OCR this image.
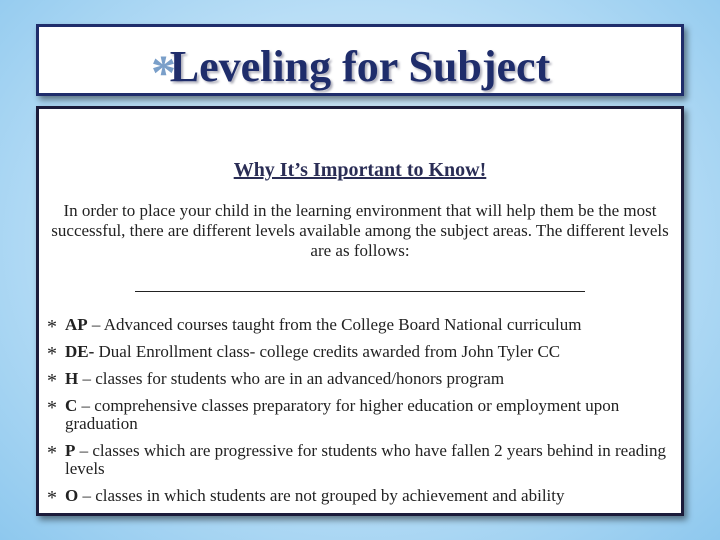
*
Leveling for Subject
Why It’s Important to Know!
In order to place your child in the learning environment that will help them be the most successful, there are different levels available among the subject areas. The different levels are as follows:
* AP – Advanced courses taught from the College Board National curriculum
* DE- Dual Enrollment class- college credits awarded from John Tyler CC
* H – classes for students who are in an advanced/honors program
* C – comprehensive classes preparatory for higher education or employment upon graduation
* P – classes which are progressive for students who have fallen 2 years behind in reading levels
* O – classes in which students are not grouped by achievement and ability
